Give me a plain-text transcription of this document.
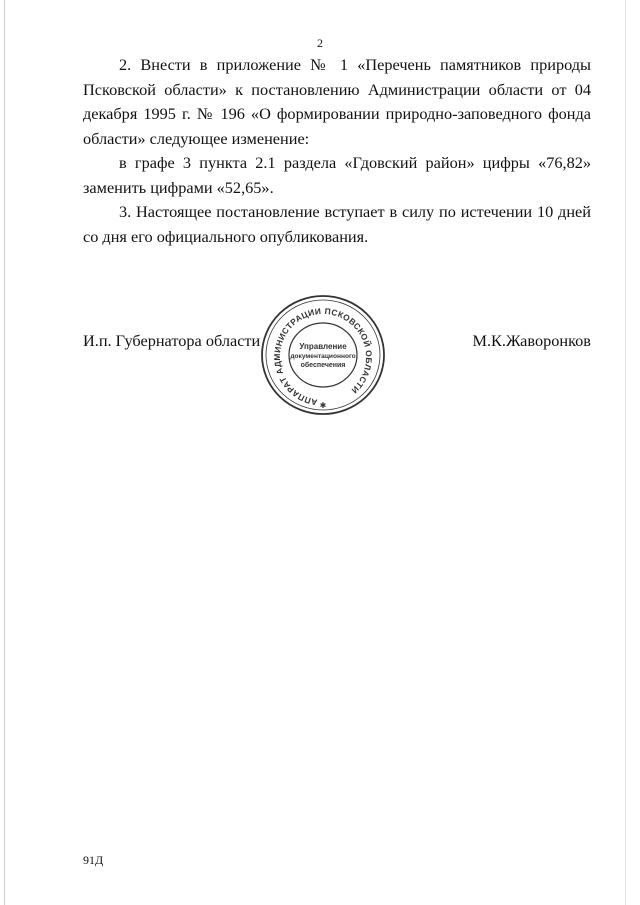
2

2. Внести в приложение № 1 «Перечень памятников природы Псковской области» к постановлению Администрации области от 04 декабря 1995 г. № 196 «О формировании природно-заповедного фонда области» следующее изменение:

в графе 3 пункта 2.1 раздела «Гдовский район» цифры «76,82» заменить цифрами «52,65».

3. Настоящее постановление вступает в силу по истечении 10 дней со дня его официального опубликования.

И.п. Губернатора области	М.К.Жаворонков
АППАРАТ АДМИНИСТРАЦИИ ПСКОВСКОЙ ОБЛАСТИ
Управление
документационного
обеспечения
✱
91Д
